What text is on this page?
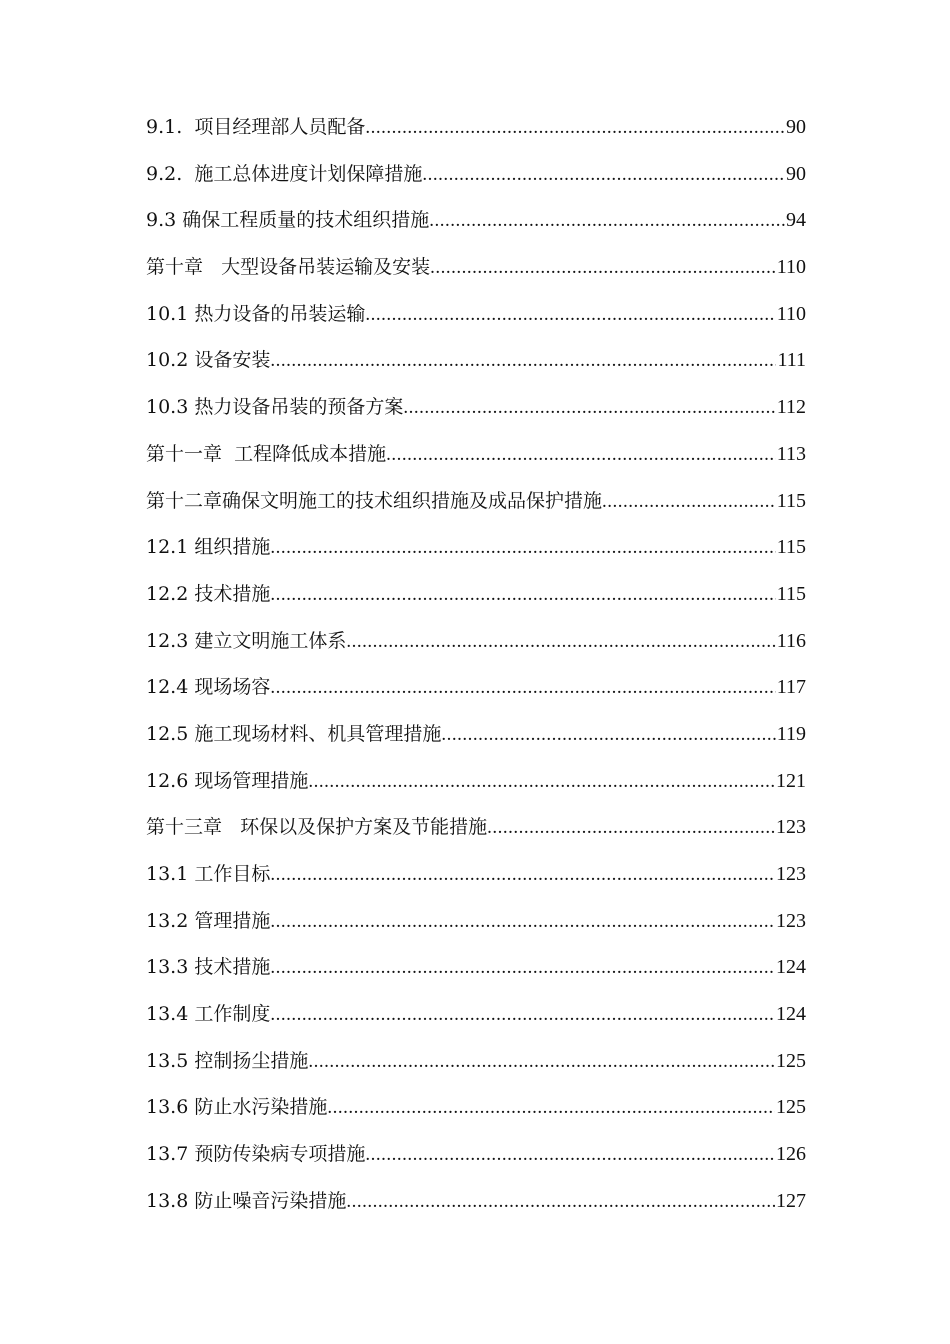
9.1.  项目经理部人员配备 .....	90
9.2.  施工总体进度计划保障措施 .....	90
9.3 确保工程质量的技术组织措施 .....	94
第十章   大型设备吊装运输及安装 .....	110
10.1 热力设备的吊装运输 .....	110
10.2 设备安装 .....	111
10.3 热力设备吊装的预备方案 .....	112
第十一章  工程降低成本措施 .....	113
第十二章确保文明施工的技术组织措施及成品保护措施 .....	115
12.1 组织措施 .....	115
12.2 技术措施 .....	115
12.3 建立文明施工体系 .....	116
12.4 现场场容 .....	117
12.5 施工现场材料、机具管理措施 .....	119
12.6 现场管理措施 .....	121
第十三章   环保以及保护方案及节能措施 .....	123
13.1 工作目标 .....	123
13.2 管理措施 .....	123
13.3 技术措施 .....	124
13.4 工作制度 .....	124
13.5 控制扬尘措施 .....	125
13.6 防止水污染措施 .....	125
13.7 预防传染病专项措施 .....	126
13.8 防止噪音污染措施 .....	127
